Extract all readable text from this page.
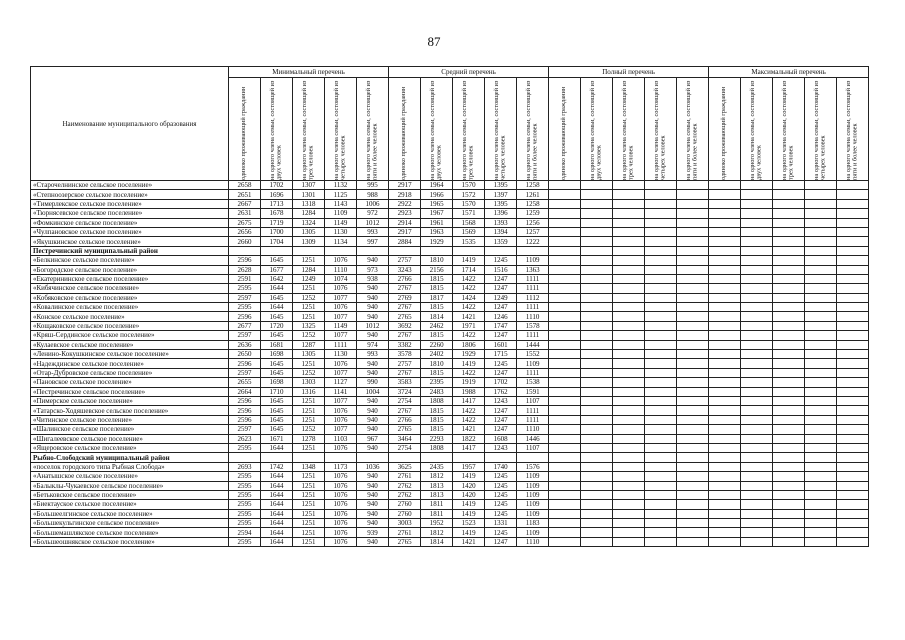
87
Наименование муниципального образования	Минимальный перечень					Средний перечень					Полный перечень					Максимальный перечень				

	одиноко проживающий гражданин	на одного члена семьи, состоящей из двух человек	на одного члена семьи, состоящей из трех человек	на одного члена семьи, состоящей из четырех человек	на одного члена семьи, состоящей из пяти и более человек	одиноко проживающий гражданин	на одного члена семьи, состоящей из двух человек	на одного члена семьи, состоящей из трех человек	на одного члена семьи, состоящей из четырех человек	на одного члена семьи, состоящей из пяти и более человек	одиноко проживающий гражданин	на одного члена семьи, состоящей из двух человек	на одного члена семьи, состоящей из трех человек	на одного члена семьи, состоящей из четырех человек	на одного члена семьи, состоящей из пяти и более человек	одиноко проживающий гражданин	на одного члена семьи, состоящей из двух человек	на одного члена семьи, состоящей из трех человек	на одного члена семьи, состоящей из четырех человек	на одного члена семьи, состоящей из пяти и более человек

«Старочелнинское сельское поселение»	2658	1702	1307	1132	995	2917	1964	1570	1395	1258										
«Степноозерское сельское поселение»	2651	1696	1301	1125	988	2918	1966	1572	1397	1261										
«Тимерлекское сельское поселение»	2667	1713	1318	1143	1006	2922	1965	1570	1395	1258										
«Тюрнясевское сельское поселение»	2631	1678	1284	1109	972	2923	1967	1571	1396	1259										
«Фомкинское сельское поселение»	2675	1719	1324	1149	1012	2914	1961	1568	1393	1256										
«Чулпановское сельское поселение»	2656	1700	1305	1130	993	2917	1963	1569	1394	1257										
«Якушкинское сельское поселение»	2660	1704	1309	1134	997	2884	1929	1535	1359	1222										
Пестречинский муниципальный район																				
«Белкинское сельское поселение»	2596	1645	1251	1076	940	2757	1810	1419	1245	1109										
«Богородское сельское поселение»	2628	1677	1284	1110	973	3243	2156	1714	1516	1363										
«Екатерининское сельское поселение»	2591	1642	1249	1074	938	2766	1815	1422	1247	1111										
«Кибячинское сельское поселение»	2595	1644	1251	1076	940	2767	1815	1422	1247	1111										
«Кобяковское сельское поселение»	2597	1645	1252	1077	940	2769	1817	1424	1249	1112										
«Ковалинское сельское поселение»	2595	1644	1251	1076	940	2767	1815	1422	1247	1111										
«Конское сельское поселение»	2596	1645	1251	1077	940	2765	1814	1421	1246	1110										
«Кощаковское сельское поселение»	2677	1720	1325	1149	1012	3692	2462	1971	1747	1578										
«Кряш-Сердинское сельское поселение»	2597	1645	1252	1077	940	2767	1815	1422	1247	1111										
«Кулаевское сельское поселение»	2636	1681	1287	1111	974	3382	2260	1806	1601	1444										
«Ленино-Кокушкинское сельское поселение»	2650	1698	1305	1130	993	3578	2402	1929	1715	1552										
«Надеждинское сельское поселение»	2596	1645	1251	1076	940	2757	1810	1419	1245	1109										
«Отар-Дубровское сельское поселение»	2597	1645	1252	1077	940	2767	1815	1422	1247	1111										
«Пановское сельское поселение»	2655	1698	1303	1127	990	3583	2395	1919	1702	1538										
«Пестречинское сельское поселение»	2664	1710	1316	1141	1004	3724	2483	1988	1762	1591										
«Пимерское сельское поселение»	2596	1645	1251	1077	940	2754	1808	1417	1243	1107										
«Татарско-Ходяшевское сельское поселение»	2596	1645	1251	1076	940	2767	1815	1422	1247	1111										
«Читинское сельское поселение»	2596	1645	1251	1076	940	2766	1815	1422	1247	1111										
«Шалинское сельское поселение»	2597	1645	1252	1077	940	2765	1815	1421	1247	1110										
«Шигалеевское сельское поселение»	2623	1671	1278	1103	967	3464	2293	1822	1608	1446										
«Ящеровское сельское поселение»	2595	1644	1251	1076	940	2754	1808	1417	1243	1107										
Рыбно-Слободский муниципальный район																				
«поселок городского типа Рыбная Слобода»	2693	1742	1348	1173	1036	3625	2435	1957	1740	1576										
«Анатышское сельское поселение»	2595	1644	1251	1076	940	2761	1812	1419	1245	1109										
«Балыклы-Чукаевское сельское поселение»	2595	1644	1251	1076	940	2762	1813	1420	1245	1109										
«Бетьковское сельское поселение»	2595	1644	1251	1076	940	2762	1813	1420	1245	1109										
«Биектауское сельское поселение»	2595	1644	1251	1076	940	2760	1811	1419	1245	1109										
«Большеелгинское сельское поселение»	2595	1644	1251	1076	940	2760	1811	1419	1245	1109										
«Большекульгинское сельское поселение»	2595	1644	1251	1076	940	3003	1952	1523	1331	1183										
«Большемашлякское сельское поселение»	2594	1644	1251	1076	939	2761	1812	1419	1245	1109										
«Большеошнякское сельское поселение»	2595	1644	1251	1076	940	2765	1814	1421	1247	1110										
